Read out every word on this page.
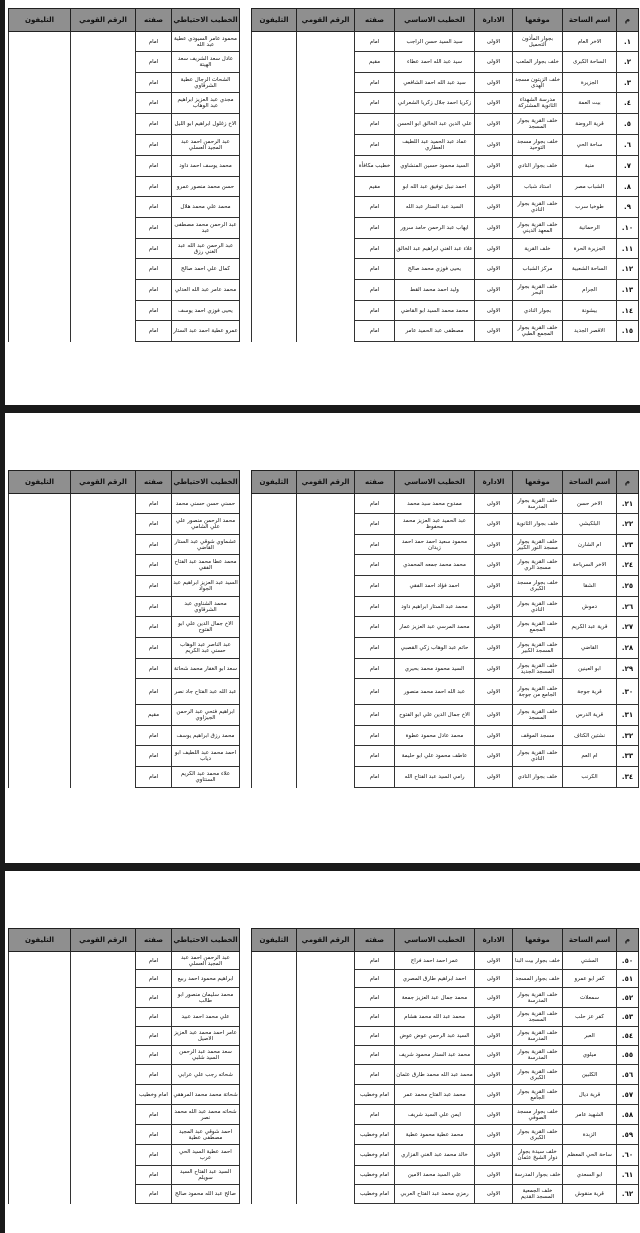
م	اسم الساحة	موقعها	الادارة	الخطيب الاساسي	صفته	الرقم القومي	التليفون		الخطيب الاحتياطي	صفته	الرقم القومي	التليفون
١.	الاخر العام	بجوار المأذون التحميل	الاولى	سيد السيد حسن الراجب	امام				محمود عامر السيودي عطية عبد الله	امام		
٢.	الساحة الكبرى	خلف بجوار الملعب	الاولى	سيد عبد الله احمد عطاء	مقيم				عادل سعد الشريف سعد الهيتة	امام		
٣.	الجزيرة	خلف الزيتون مسجد الهدى	الاولى	سيد عبد الله احمد الشافعي	امام				الشحات الرجال عطية الشرقاوي	امام		
٤.	بيت العمة	مدرسة الشهداء الثانوية المشتركة	الاولى	زكريا احمد جلال زكريا الشعراني	امام				مجدي عبد العزيز ابراهيم عبد الوهاب	امام		
٥.	قرية الروضة	خلف القرية بجوار المسجد	الاولى	علي الدين عبد الخالق ابو الحسن	امام				الاخ زغلول ابراهيم ابو الليل	امام		
٦.	ساحة الحي	خلف بجوار مسجد التوحيد	الاولى	عماد عبد الحميد عبد اللطيف العطاري	امام				عبد الرحمن احمد عبد المجيد العسلي	امام		
٧.	منية	خلف بجوار النادي	الاولى	السيد محمود حسين المنشاوي	خطيب مكافأة				محمد يوسف احمد داود	امام		
٨.	الشباب مصر	استاد شباب	الاولى	احمد نبيل توفيق عبد الله ابو	مقيم				حسن محمد منصور عمرو	امام		
٩.	طوخيا سرب	خلف القرية بجوار النادي	الاولى	السيد عبد الستار عبد الله	امام				محمد علي محمد هلال	امام		
١٠.	الرحمانية	خلف القرية بجوار المعهد الديني	الاولى	ايهاب عبد الرحمن حامد سرور	امام				عبد الرحمن محمد مصطفى عبد	امام		
١١.	الجزيرة الحرة	خلف القرية	الاولى	علاء عبد الغني ابراهيم عبد الخالق	امام				عبد الرحمن عبد الله عبد الغني رزق	امام		
١٢.	الساحة الشعبية	مركز الشباب	الاولى	يحيى فوزي محمد صالح	امام				كمال علي احمد صالح	امام		
١٣.	الجرام	خلف القرية بجوار البحر	الاولى	وليد احمد محمد القط	امام				محمد عامر عبد الله العدلي	امام		
١٤.	بيشونة	بجوار النادي	الاولى	محمد محمد السيد ابو القاضي	امام				يحيى فوزي احمد يوسف	امام		
١٥.	الاقصر الجديد	خلف القرية بجوار المجمع الطبي	الاولى	مصطفى عبد الحميد عامر	امام				عمرو عطية احمد عبد الستار	امام		
م	اسم الساحة	موقعها	الادارة	الخطيب الاساسي	صفته	الرقم القومي	التليفون		الخطيب الاحتياطي	صفته	الرقم القومي	التليفون
٢١.	الاخر حسن	خلف القرية بجوار المدرسة	الاولى	ممدوح محمد سيد محمد	امام				حسني حسن حسني محمد	امام		
٢٢.	البلكيشي	خلف بجوار الثانوية	الاولى	عبد الحميد عبد العزيز محمد محفوظ	امام				محمد الرحمن منصور علي علي الشامي	امام		
٢٣.	ام الشارن	خلف القرية بجوار مسجد النور الكبير	الاولى	محمود سعيد احمد حمد احمد زيدان	امام				عشماوي شوقي عبد الستار القاضي	امام		
٢٤.	الاخر السرياحة	خلف القرية بجوار مسجد الري	الاولى	محمد محمد جمعه المحمدي	امام				محمد عطا محمد عبد الفتاح الفقي	امام		
٢٥.	الشقا	خلف بجوار مسجد الكبرى	الاولى	احمد فؤاد احمد الفقي	امام				السيد عبد العزيز ابراهيم عبد الجواد	امام		
٢٦.	دموش	خلف القرية بجوار النادي	الاولى	محمد عبد الستار ابراهيم داود	امام				محمد الشناوي عبد الشرقاوي	امام		
٢٧.	قرية عبد الكريم	خلف القرية بجوار المجمع	الاولى	محمد المرسي عبد العزيز عمار	امام				الاخ جمال الدين علي ابو الفتوح	امام		
٢٨.	القاضي	خلف القرية بجوار المسجد الكبير	الاولى	حاتم عبد الوهاب زكي القصبي	امام				عبد الناصر عبد الوهاب حسني عبد الكريم	امام		
٢٩.	ابو العينين	خلف القرية بجوار المسجد الجديد	الاولى	السيد محمود محمد بحيري	امام				سعد ابو الغفار محمد شحاتة	امام		
٣٠.	قرية جوجة	خلف القرية بجوار الجامع من جوجة	الاولى	عبد الله احمد محمد منصور	امام				عبد الله عبد الفتاح جاد نصر	امام		
٣١.	قرية الدرس	خلف القرية بجوار المسجد	الاولى	الاخ جمال الدين علي ابو الفتوح	امام				ابراهيم فتحي عبد الرحمن الجيزاوي	مقيم		
٣٢.	نشتين الكتاف	مسجد الموقف	الاولى	محمد عادل محمود عطوة	امام				محمد رزق ابراهيم يوسف	امام		
٣٣.	ام العم	خلف القرية بجوار النادي	الاولى	عاطف محمود علي ابو حليمة	امام				احمد محمد عبد اللطيف ابو دياب	امام		
٣٤.	الكرنب	خلف بجوار النادي	الاولى	رامي السيد عبد الفتاح الله	امام				علاء محمد عبد الكريم السنتاوي	امام		
م	اسم الساحة	موقعها	الادارة	الخطيب الاساسي	صفته	الرقم القومي	التليفون		الخطيب الاحتياطي	صفته	الرقم القومي	التليفون
٥٠.	المشتي	خلف بجوار بيت البنا	الاولى	عمر احمد احمد فراج	امام				عبد الرحمن احمد عبد المجيد العسلي	امام		
٥١.	كفر ابو عمرو	خلف بجوار المسجد	الاولى	احمد ابراهيم طارق المصري	امام				ابراهيم محمود احمد ربيع	امام		
٥٢.	سمعلات	خلف القرية بجوار المدرسة	الاولى	محمد جمال عبد العزيز جمعة	امام				محمد سليمان منصور ابو طالب	امام		
٥٣.	كفر عز حلب	خلف القرية بجوار المسجد	الاولى	محمد عبد الله محمد هشام	امام				علي محمد احمد عبيد	امام		
٥٤.	العبر	خلف القرية بجوار المدرسة	الاولى	السيد عبد الرحمن عوض عوض	امام				عامر احمد محمد عبد العزيز الاصيل	امام		
٥٥.	ميلوي	خلف القرية بجوار المدرسة	الاولى	محمد عبد الستار محمود شريف	امام				سعد محمد عبد الرحمن السيد شلبي	امام		
٥٦.	الكلبين	خلف القرية بجوار الكبرى	الاولى	محمد عبد الله محمد طارق عثمان	امام				شحاته رجب علي عرابي	امام		
٥٧.	قرية ديال	خلف القرية بجوار الجامع	الاولى	محمد عبد الفتاح محمد عمر	امام وخطيب				شحاتة محمد محمد المرهقي	امام وخطيب		
٥٨.	الشهيد عامر	خلف بجوار مسجد الصوفي	الاولى	ايمن علي السيد شريف	امام				شحاته محمد عبد الله محمد نصر	امام		
٥٩.	الزبدة	خلف القرية بجوار الكبرى	الاولى	محمد عطية محمود عطية	امام وخطيب				احمد شوقي عبد المجيد مصطفى عطية	امام		
٦٠.	ساحة الحي المعظم	خلف سيدة بجوار دوار الشيخ عثمان	الاولى	خالد محمد عبد الغني الفزاري	امام وخطيب				احمد عطية السيد الحي عرب	امام		
٦١.	ابو السعدي	خلف بجوار المدرسة	الاولى	علي السيد محمد الامين	امام وخطيب				السيد عبد الفتاح السيد سويلم	امام		
٦٢.	قرية منقوش	خلف الجمعية المسجد القديم	الاولى	رمزي محمد عبد الفتاح العربي	امام وخطيب				صالح عبد الله محمود صالح	امام		
